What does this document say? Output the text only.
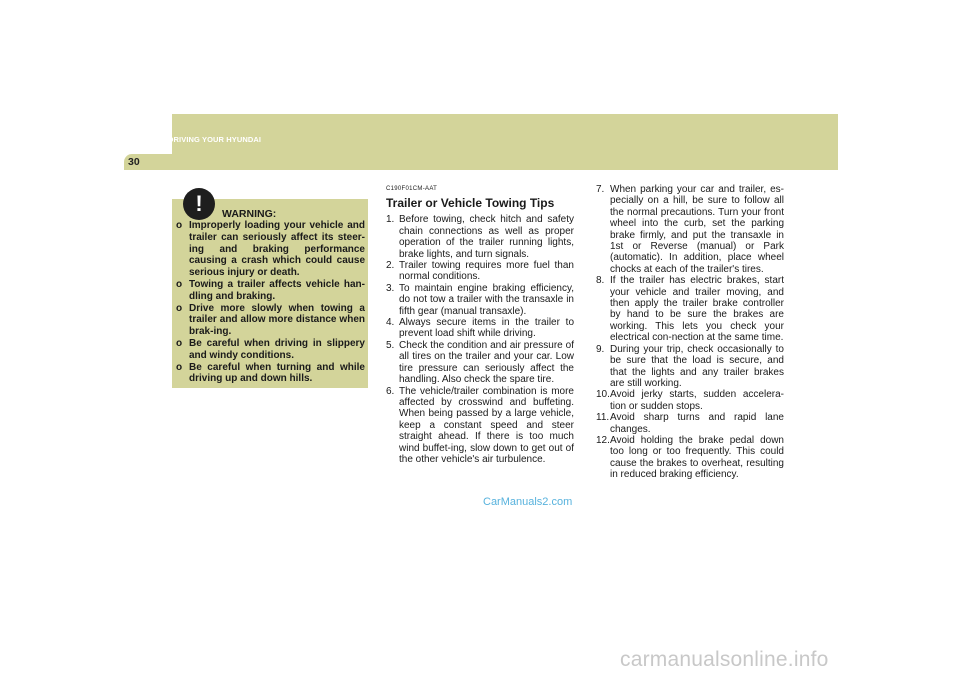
2 DRIVING YOUR HYUNDAI
30
!	WARNING:
o Improperly loading your vehicle and trailer can seriously affect its steer-ing and braking performance causing a crash which could cause serious injury or death.
o Towing a trailer affects vehicle han-dling and braking.
o Drive more slowly when towing a trailer and allow more distance when brak-ing.
o Be careful when driving in slippery and windy conditions.
o Be careful when turning and while driving up and down hills.
C190F01CM-AAT
Trailer or Vehicle Towing Tips
1. Before towing, check hitch and safety chain connections as well as proper operation of the trailer running lights, brake lights, and turn signals.
2. Trailer towing requires more fuel than normal conditions.
3. To maintain engine braking efficiency, do not tow a trailer with the transaxle in fifth gear (manual transaxle).
4. Always secure items in the trailer to prevent load shift while driving.
5. Check the condition and air pressure of all tires on the trailer and your car. Low tire pressure can seriously affect the handling. Also check the spare tire.
6. The vehicle/trailer combination is more affected by crosswind and buffeting. When being passed by a large vehicle, keep a constant speed and steer straight ahead. If there is too much wind buffet-ing, slow down to get out of the other vehicle's air turbulence.
7. When parking your car and trailer, es-pecially on a hill, be sure to follow all the normal precautions. Turn your front wheel into the curb, set the parking brake firmly, and put the transaxle in 1st or Reverse (manual) or Park (automatic). In addition, place wheel chocks at each of the trailer's tires.
8. If the trailer has electric brakes, start your vehicle and trailer moving, and then apply the trailer brake controller by hand to be sure the brakes are working. This lets you check your electrical con-nection at the same time.
9. During your trip, check occasionally to be sure that the load is secure, and that the lights and any trailer brakes are still working.
10. Avoid jerky starts, sudden accelera-tion or sudden stops.
11. Avoid sharp turns and rapid lane changes.
12. Avoid holding the brake pedal down too long or too frequently. This could cause the brakes to overheat, resulting in reduced braking efficiency.
CarManuals2.com
carmanualsonline.info
